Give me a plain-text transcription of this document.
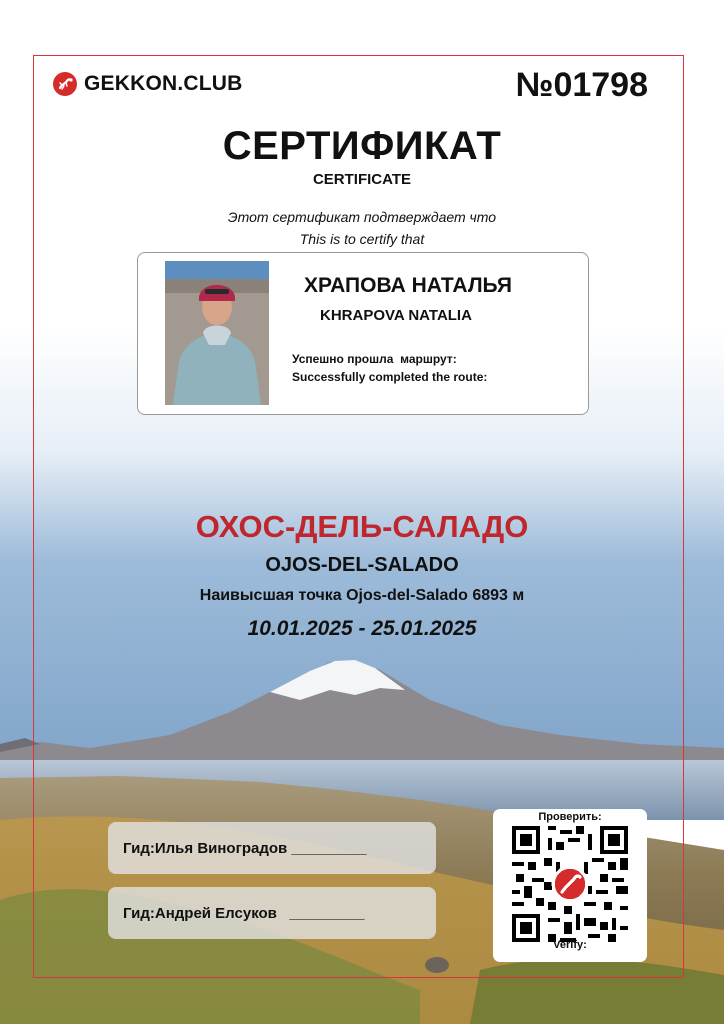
GEKKON.CLUB	№01798
СЕРТИФИКАТ
CERTIFICATE
Этот сертификат подтверждает что
This is to certify that
ХРАПОВА НАТАЛЬЯ
KHRAPOVA NATALIA
Успешно прошла  маршрут:
Successfully completed the route:
ОХОС-ДЕЛЬ-САЛАДО
OJOS-DEL-SALADO
Наивысшая точка Ojos-del-Salado 6893 м
10.01.2025 - 25.01.2025
Гид:Илья Виноградов _________
Гид:Андрей Елсуков   _________
Проверить:
Verify:
